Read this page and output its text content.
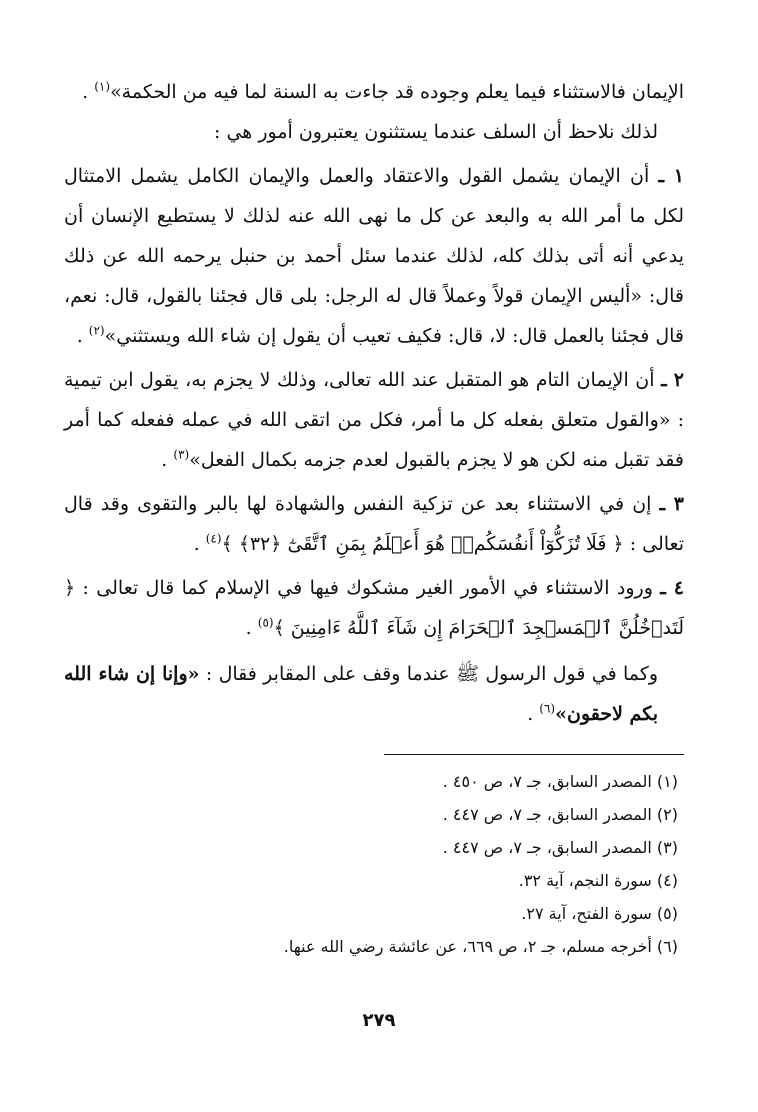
الإيمان فالاستثناء فيما يعلم وجوده قد جاءت به السنة لما فيه من الحكمة»$^{(١)}$ .
لذلك نلاحظ أن السلف عندما يستثنون يعتبرون أمور هي :
١ ـ أن الإيمان يشمل القول والاعتقاد والعمل والإيمان الكامل يشمل الامتثال لكل ما أمر الله به والبعد عن كل ما نهى الله عنه لذلك لا يستطيع الإنسان أن يدعي أنه أتى بذلك كله، لذلك عندما سئل أحمد بن حنبل يرحمه الله عن ذلك قال: «أليس الإيمان قولاً وعملاً قال له الرجل: بلى قال فجئنا بالقول، قال: نعم، قال فجئنا بالعمل قال: لا، قال: فكيف تعيب أن يقول إن شاء الله ويستثني»$^{(٢)}$ .
٢ ـ أن الإيمان التام هو المتقبل عند الله تعالى، وذلك لا يجزم به، يقول ابن تيمية : «والقول متعلق بفعله كل ما أمر، فكل من اتقى الله في عمله ففعله كما أمر فقد تقبل منه لكن هو لا يجزم بالقبول لعدم جزمه بكمال الفعل»$^{(٣)}$ .
٣ ـ إن في الاستثناء بعد عن تزكية النفس والشهادة لها بالبر والتقوى وقد قال تعالى : ﴿ فَلَا تُزَكُّوٓاْ أَنفُسَكُمۡۖ هُوَ أَعۡلَمُ بِمَنِ ٱتَّقَىٰٓ ﴿٣٢﴾ ﴾$^{(٤)}$ .
٤ ـ ورود الاستثناء في الأمور الغير مشكوك فيها في الإسلام كما قال تعالى : ﴿ لَتَدۡخُلُنَّ ٱلۡمَسۡجِدَ ٱلۡحَرَامَ إِن شَآءَ ٱللَّهُ ءَامِنِينَ ﴾$^{(٥)}$ .
وكما في قول الرسول ﷺ عندما وقف على المقابر فقال : «وإنا إن شاء الله بكم لاحقون»$^{(٦)}$ .
(١) المصدر السابق، جـ ٧، ص ٤٥٠ .
(٢) المصدر السابق، جـ ٧، ص ٤٤٧ .
(٣) المصدر السابق، جـ ٧، ص ٤٤٧ .
(٤) سورة النجم، آية ٣٢.
(٥) سورة الفتح، آية ٢٧.
(٦) أخرجه مسلم، جـ ٢، ص ٦٦٩، عن عائشة رضي الله عنها.
٢٧٩
